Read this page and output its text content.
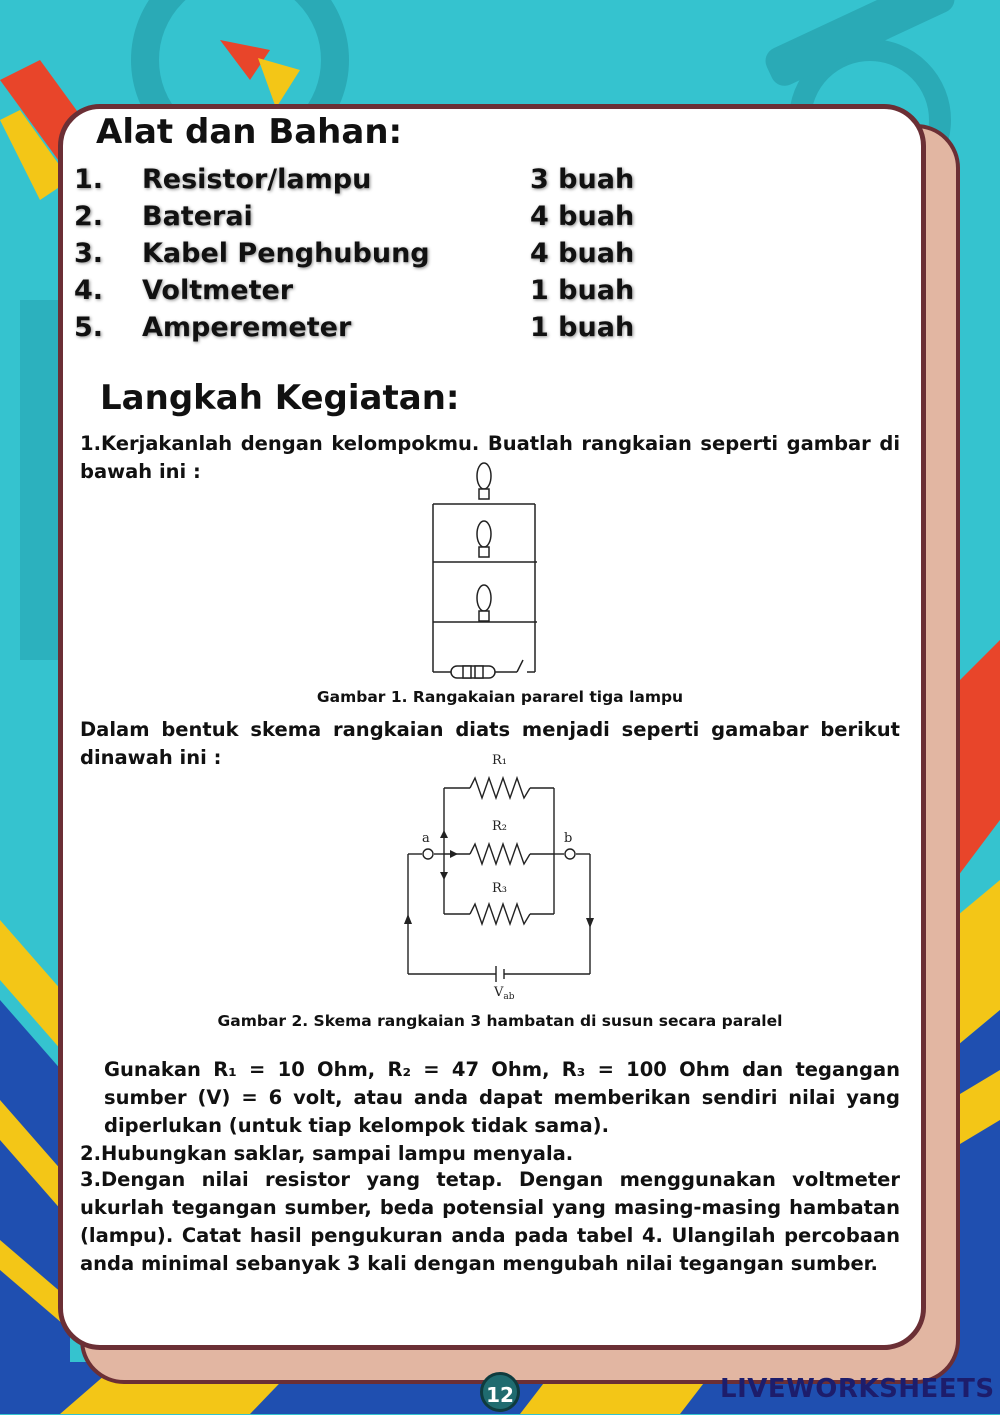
Alat dan Bahan:
1. Resistor/lampu	3 buah
2. Baterai	4 buah
3. Kabel Penghubung	4 buah
4. Voltmeter	1 buah
5. Amperemeter	1 buah
Langkah Kegiatan:
1.Kerjakanlah dengan kelompokmu. Buatlah rangkaian seperti gambar di bawah ini :
Gambar 1. Rangakaian pararel tiga lampu
Dalam bentuk skema rangkaian diats menjadi seperti gamabar berikut dinawah ini :	R₁
R₂
R₃
a	b
$V_{ab}$
Gambar 2. Skema rangkaian 3 hambatan di susun secara paralel
Gunakan R₁ = 10 Ohm, R₂ = 47 Ohm, R₃ = 100 Ohm dan tegangan sumber (V) = 6 volt, atau anda dapat memberikan sendiri nilai yang diperlukan (untuk tiap kelompok tidak sama).
2.Hubungkan saklar, sampai lampu menyala.
3.Dengan nilai resistor yang tetap. Dengan menggunakan voltmeter ukurlah tegangan sumber, beda potensial yang masing-masing hambatan (lampu). Catat hasil pengukuran anda pada tabel 4. Ulangilah percobaan anda minimal sebanyak 3 kali dengan mengubah nilai tegangan sumber.
12	LIVEWORKSHEETS
